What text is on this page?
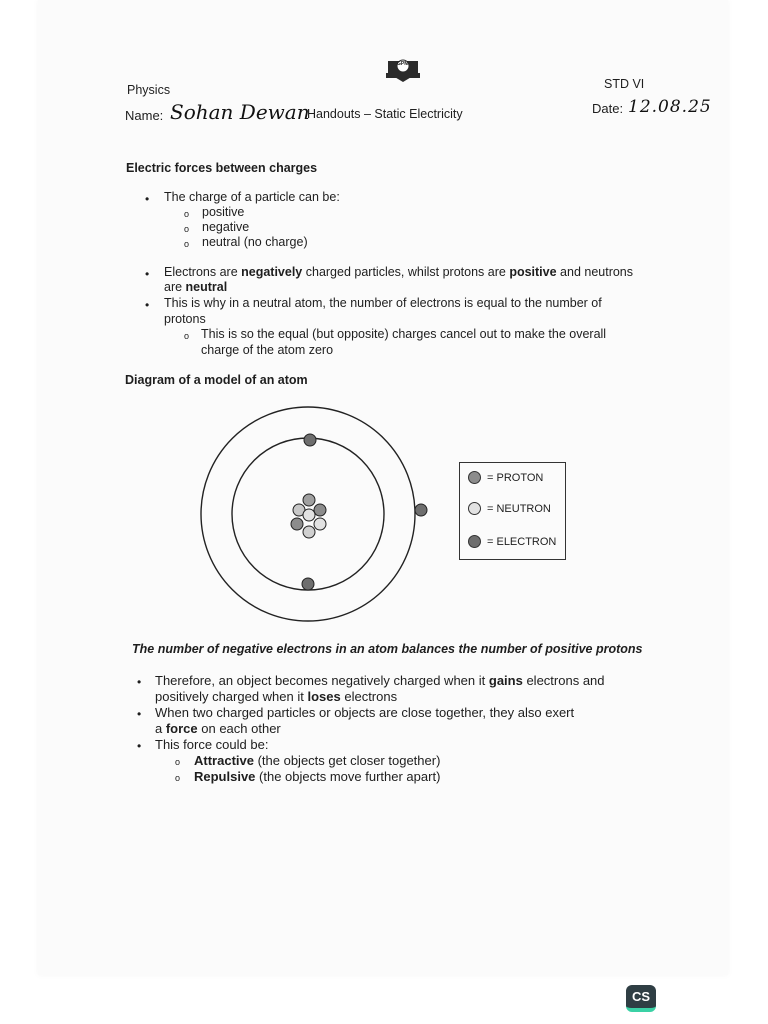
Physics
GPM
STD VI
Name: Sohan Dewan
Handouts – Static Electricity	Date: 12.08.25
Electric forces between charges
• The charge of a particle can be:
o positive
o negative
o neutral (no charge)
• Electrons are negatively charged particles, whilst protons are positive and neutrons
are neutral
• This is why in a neutral atom, the number of electrons is equal to the number of
protons
o This is so the equal (but opposite) charges cancel out to make the overall
charge of the atom zero
Diagram of a model of an atom
= PROTON
= NEUTRON
= ELECTRON
The number of negative electrons in an atom balances the number of positive protons
• Therefore, an object becomes negatively charged when it gains electrons and
positively charged when it loses electrons
• When two charged particles or objects are close together, they also exert
a force on each other
• This force could be:
o Attractive (the objects get closer together)
o Repulsive (the objects move further apart)
CS
